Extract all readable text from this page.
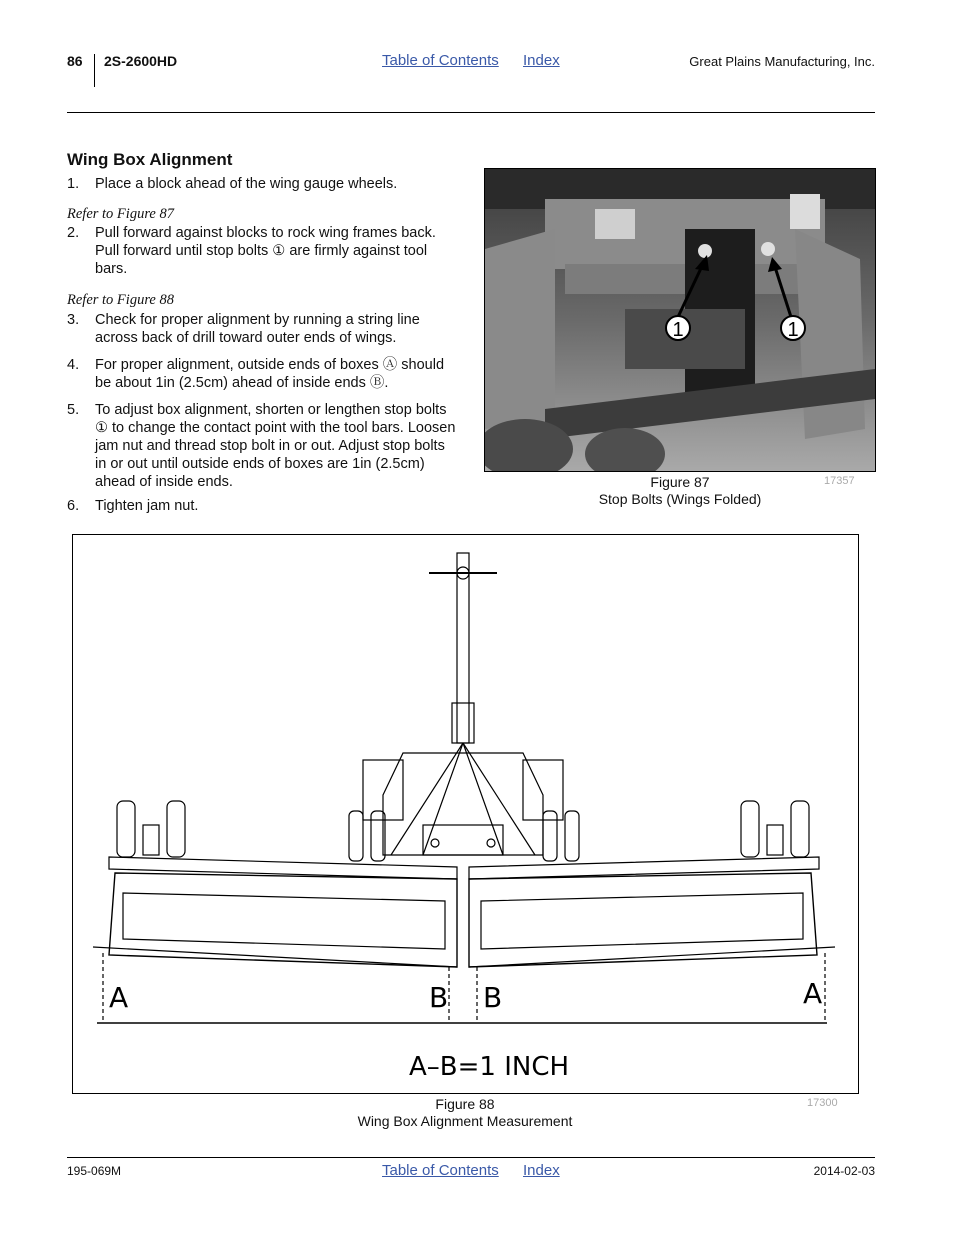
86 2S-2600HD	Table of Contents Index	Great Plains Manufacturing, Inc.
Wing Box Alignment
1. Place a block ahead of the wing gauge wheels.
Refer to Figure 87
2. Pull forward against blocks to rock wing frames back. Pull forward until stop bolts ① are firmly against tool bars.
Refer to Figure 88
3. Check for proper alignment by running a string line across back of drill toward outer ends of wings.
4. For proper alignment, outside ends of boxes Ⓐ should be about 1in (2.5cm) ahead of inside ends Ⓑ.
5. To adjust box alignment, shorten or lengthen stop bolts ① to change the contact point with the tool bars. Loosen jam nut and thread stop bolt in or out. Adjust stop bolts in or out until outside ends of boxes are 1in (2.5cm) ahead of inside ends.
6. Tighten jam nut.
1	1
Figure 87
Stop Bolts (Wings Folded)
17357
A	B B	A
A–B=1 INCH
Figure 88
Wing Box Alignment Measurement
17300
195-069M	Table of Contents Index	2014-02-03
